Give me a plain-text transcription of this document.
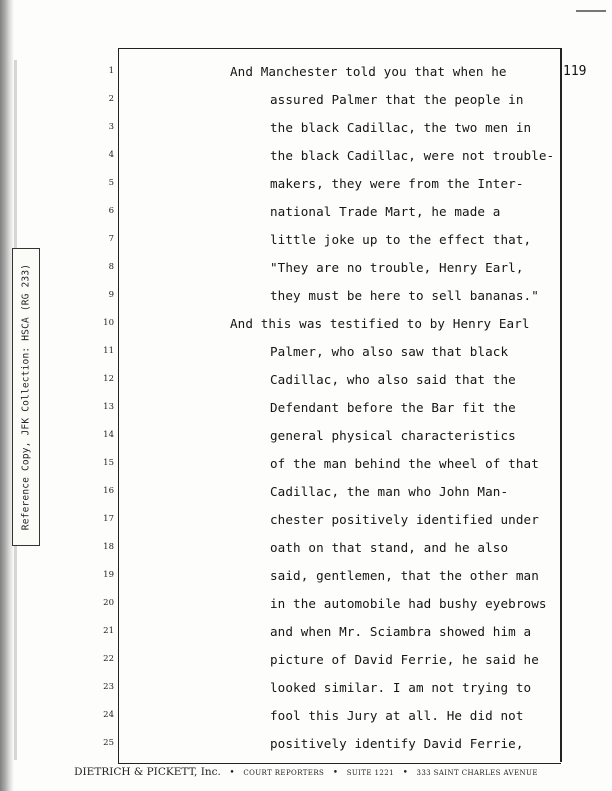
Reference Copy, JFK Collection: HSCA (RG 233)
119
1	And Manchester told you that when he
2	assured Palmer that the people in
3	the black Cadillac, the two men in
4	the black Cadillac, were not trouble-
5	makers, they were from the Inter-
6	national Trade Mart, he made a
7	little joke up to the effect that,
8	"They are no trouble, Henry Earl,
9	they must be here to sell bananas."
10	And this was testified to by Henry Earl
11	Palmer, who also saw that black
12	Cadillac, who also said that the
13	Defendant before the Bar fit the
14	general physical characteristics
15	of the man behind the wheel of that
16	Cadillac, the man who John Man-
17	chester positively identified under
18	oath on that stand, and he also
19	said, gentlemen, that the other man
20	in the automobile had bushy eyebrows
21	and when Mr. Sciambra showed him a
22	picture of David Ferrie, he said he
23	looked similar. I am not trying to
24	fool this Jury at all. He did not
25	positively identify David Ferrie,
DIETRICH & PICKETT, Inc. • COURT REPORTERS • SUITE 1221 • 333 SAINT CHARLES AVENUE
